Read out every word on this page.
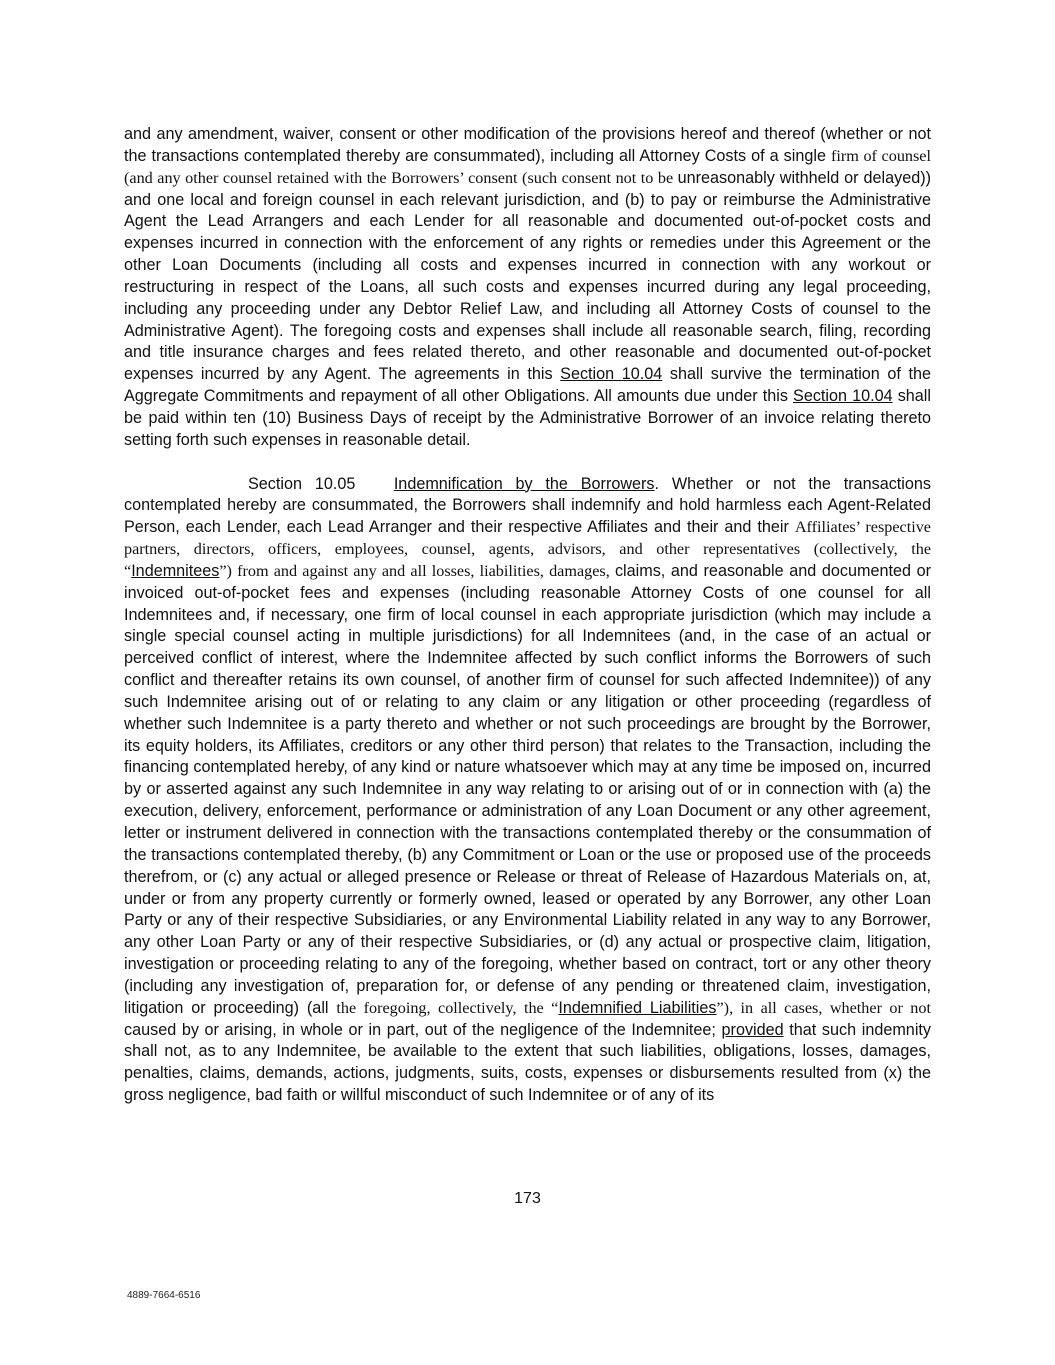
and any amendment, waiver, consent or other modification of the provisions hereof and thereof (whether or not the transactions contemplated thereby are consummated), including all Attorney Costs of a single firm of counsel (and any other counsel retained with the Borrowers’ consent (such consent not to be unreasonably withheld or delayed)) and one local and foreign counsel in each relevant jurisdiction, and (b) to pay or reimburse the Administrative Agent the Lead Arrangers and each Lender for all reasonable and documented out-of-pocket costs and expenses incurred in connection with the enforcement of any rights or remedies under this Agreement or the other Loan Documents (including all costs and expenses incurred in connection with any workout or restructuring in respect of the Loans, all such costs and expenses incurred during any legal proceeding, including any proceeding under any Debtor Relief Law, and including all Attorney Costs of counsel to the Administrative Agent). The foregoing costs and expenses shall include all reasonable search, filing, recording and title insurance charges and fees related thereto, and other reasonable and documented out-of-pocket expenses incurred by any Agent. The agreements in this Section 10.04 shall survive the termination of the Aggregate Commitments and repayment of all other Obligations. All amounts due under this Section 10.04 shall be paid within ten (10) Business Days of receipt by the Administrative Borrower of an invoice relating thereto setting forth such expenses in reasonable detail.

Section 10.05 Indemnification by the Borrowers. Whether or not the transactions contemplated hereby are consummated, the Borrowers shall indemnify and hold harmless each Agent-Related Person, each Lender, each Lead Arranger and their respective Affiliates and their and their Affiliates’ respective partners, directors, officers, employees, counsel, agents, advisors, and other representatives (collectively, the “Indemnitees”) from and against any and all losses, liabilities, damages, claims, and reasonable and documented or invoiced out-of-pocket fees and expenses (including reasonable Attorney Costs of one counsel for all Indemnitees and, if necessary, one firm of local counsel in each appropriate jurisdiction (which may include a single special counsel acting in multiple jurisdictions) for all Indemnitees (and, in the case of an actual or perceived conflict of interest, where the Indemnitee affected by such conflict informs the Borrowers of such conflict and thereafter retains its own counsel, of another firm of counsel for such affected Indemnitee)) of any such Indemnitee arising out of or relating to any claim or any litigation or other proceeding (regardless of whether such Indemnitee is a party thereto and whether or not such proceedings are brought by the Borrower, its equity holders, its Affiliates, creditors or any other third person) that relates to the Transaction, including the financing contemplated hereby, of any kind or nature whatsoever which may at any time be imposed on, incurred by or asserted against any such Indemnitee in any way relating to or arising out of or in connection with (a) the execution, delivery, enforcement, performance or administration of any Loan Document or any other agreement, letter or instrument delivered in connection with the transactions contemplated thereby or the consummation of the transactions contemplated thereby, (b) any Commitment or Loan or the use or proposed use of the proceeds therefrom, or (c) any actual or alleged presence or Release or threat of Release of Hazardous Materials on, at, under or from any property currently or formerly owned, leased or operated by any Borrower, any other Loan Party or any of their respective Subsidiaries, or any Environmental Liability related in any way to any Borrower, any other Loan Party or any of their respective Subsidiaries, or (d) any actual or prospective claim, litigation, investigation or proceeding relating to any of the foregoing, whether based on contract, tort or any other theory (including any investigation of, preparation for, or defense of any pending or threatened claim, investigation, litigation or proceeding) (all the foregoing, collectively, the “Indemnified Liabilities”), in all cases, whether or not caused by or arising, in whole or in part, out of the negligence of the Indemnitee; provided that such indemnity shall not, as to any Indemnitee, be available to the extent that such liabilities, obligations, losses, damages, penalties, claims, demands, actions, judgments, suits, costs, expenses or disbursements resulted from (x) the gross negligence, bad faith or willful misconduct of such Indemnitee or of any of its

173
4889-7664-6516
